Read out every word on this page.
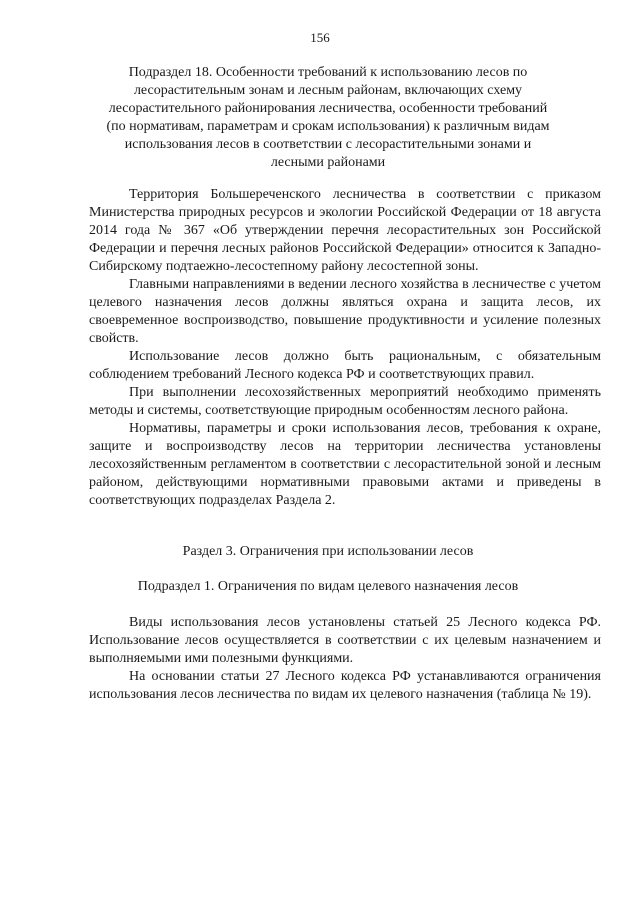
156
Подраздел 18. Особенности требований к использованию лесов по лесорастительным зонам и лесным районам, включающих схему лесорастительного районирования лесничества, особенности требований (по нормативам, параметрам и срокам использования) к различным видам использования лесов в соответствии с лесорастительными зонами и лесными районами

Территория Большереченского лесничества в соответствии с приказом Министерства природных ресурсов и экологии Российской Федерации от 18 августа 2014 года № 367 «Об утверждении перечня лесорастительных зон Российской Федерации и перечня лесных районов Российской Федерации» относится к Западно-Сибирскому подтаежно-лесостепному району лесостепной зоны.

Главными направлениями в ведении лесного хозяйства в лесничестве с учетом целевого назначения лесов должны являться охрана и защита лесов, их своевременное воспроизводство, повышение продуктивности и усиление полезных свойств.

Использование лесов должно быть рациональным, с обязательным соблюдением требований Лесного кодекса РФ и соответствующих правил.

При выполнении лесохозяйственных мероприятий необходимо применять методы и системы, соответствующие природным особенностям лесного района.

Нормативы, параметры и сроки использования лесов, требования к охране, защите и воспроизводству лесов на территории лесничества установлены лесохозяйственным регламентом в соответствии с лесорастительной зоной и лесным районом, действующими нормативными правовыми актами и приведены в соответствующих подразделах Раздела 2.

Раздел 3. Ограничения при использовании лесов
Подраздел 1. Ограничения по видам целевого назначения лесов

Виды использования лесов установлены статьей 25 Лесного кодекса РФ. Использование лесов осуществляется в соответствии с их целевым назначением и выполняемыми ими полезными функциями.

На основании статьи 27 Лесного кодекса РФ устанавливаются ограничения использования лесов лесничества по видам их целевого назначения (таблица № 19).
